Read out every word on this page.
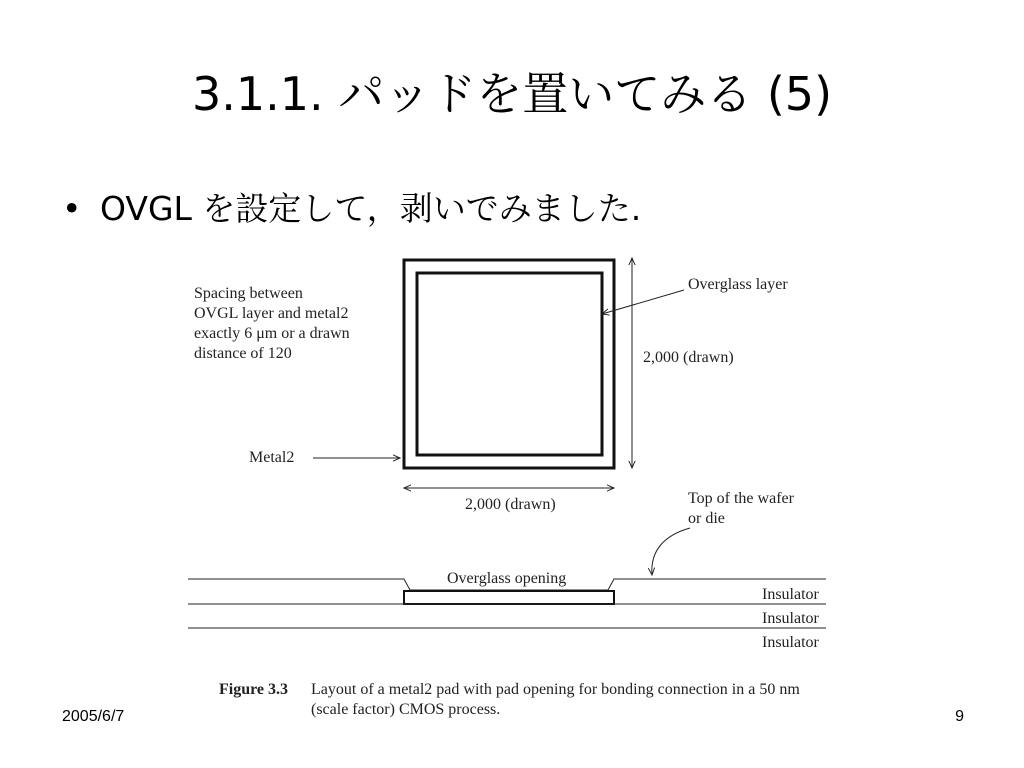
3.1.1. パッドを置いてみる (5)
• OVGL を設定して，剥いでみました.
Spacing between
OVGL layer and metal2
exactly 6 μm or a drawn
distance of 120
Metal2
Overglass layer
2,000 (drawn)
2,000 (drawn)	Top of the wafer
or die
Overglass opening
Insulator
Insulator
Insulator
Figure 3.3 Layout of a metal2 pad with pad opening for bonding connection in a 50 nm (scale factor) CMOS process.
2005/6/7	9
